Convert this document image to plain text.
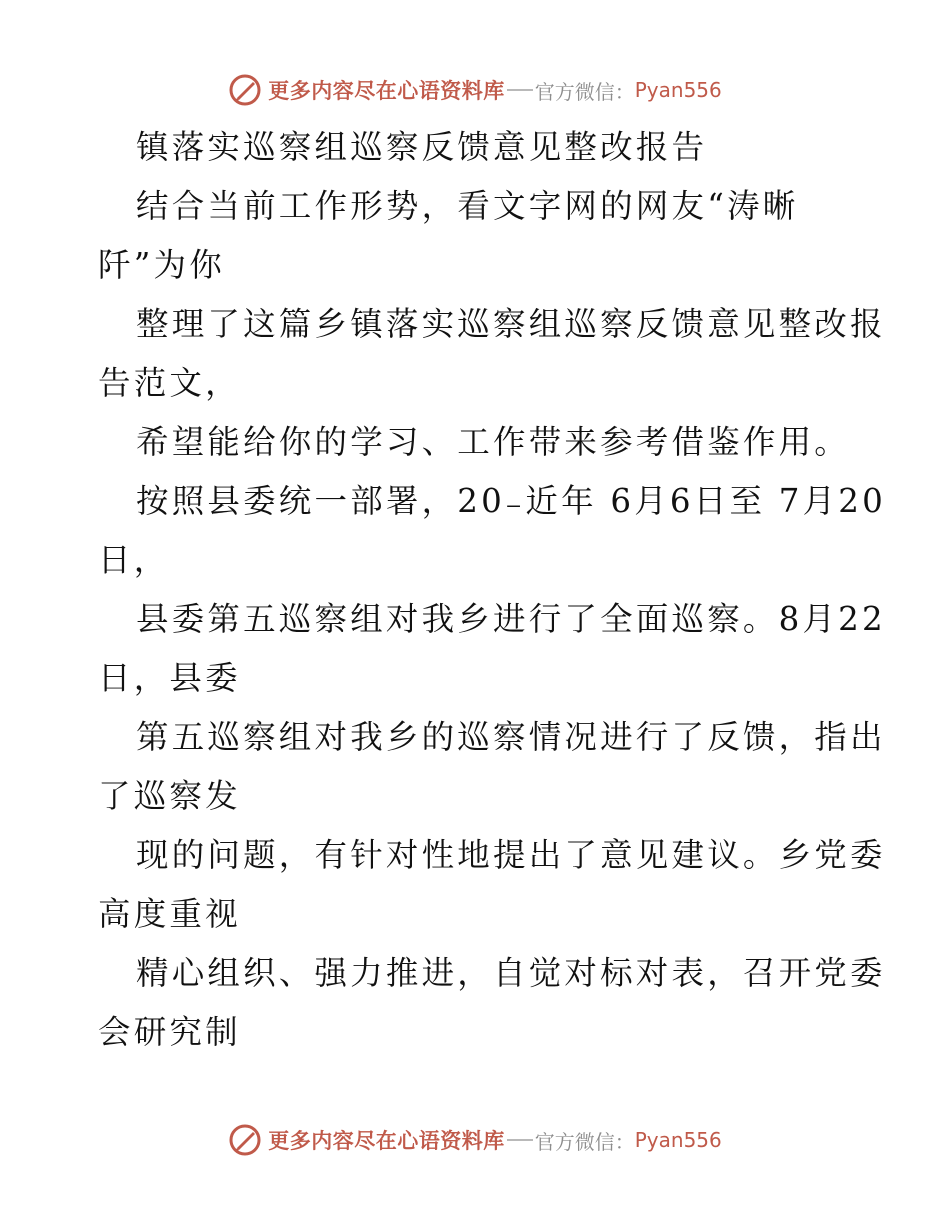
更多内容尽在心语资料库 官方微信： Pyan556
镇落实巡察组巡察反馈意见整改报告
结合当前工作形势，看文字网的网友“涛晰
阡”为你
整理了这篇乡镇落实巡察组巡察反馈意见整改报
告范文，
希望能给你的学习、工作带来参考借鉴作用。
按照县委统一部署，20₋近年 6月6日至 7月20
日，
县委第五巡察组对我乡进行了全面巡察。8月22
日，县委
第五巡察组对我乡的巡察情况进行了反馈，指出
了巡察发
现的问题，有针对性地提出了意见建议。乡党委
高度重视
精心组织、强力推进，自觉对标对表，召开党委
会研究制
更多内容尽在心语资料库 官方微信： Pyan556
